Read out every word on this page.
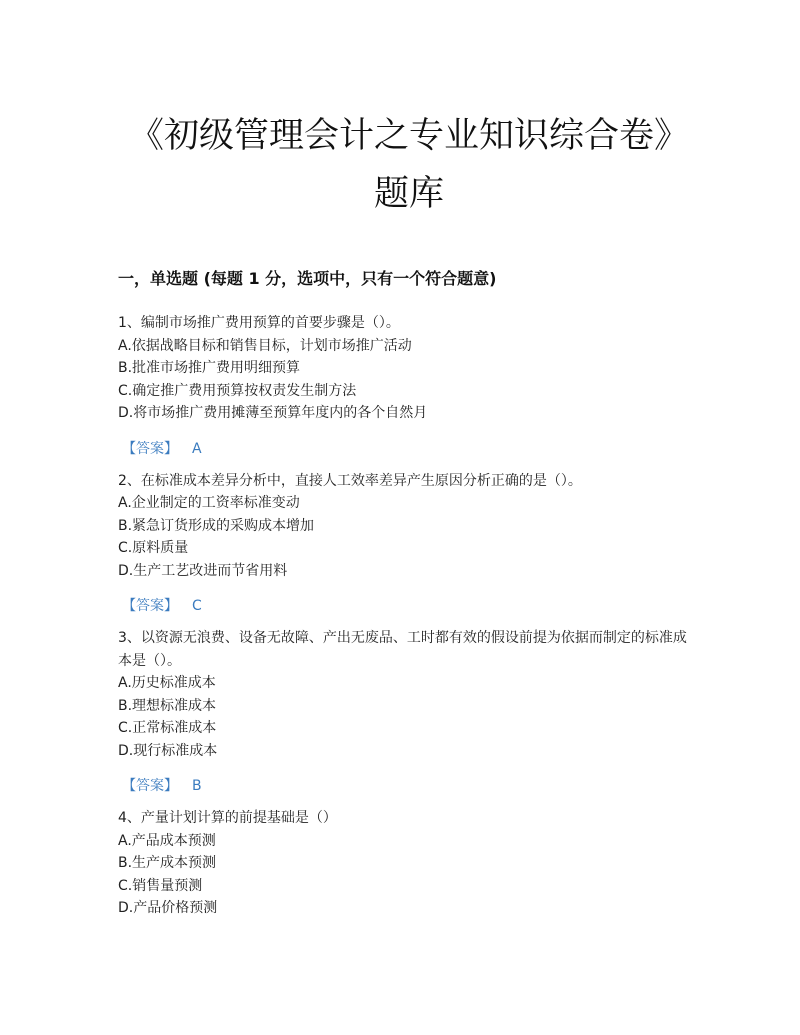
《初级管理会计之专业知识综合卷》
题库
一，单选题 (每题 1 分，选项中，只有一个符合题意)

1、编制市场推广费用预算的首要步骤是（）。

A.依据战略目标和销售目标，计划市场推广活动
B.批准市场推广费用明细预算
C.确定推广费用预算按权责发生制方法
D.将市场推广费用摊薄至预算年度内的各个自然月
【答案】 A

2、在标准成本差异分析中，直接人工效率差异产生原因分析正确的是（）。

A.企业制定的工资率标准变动
B.紧急订货形成的采购成本增加
C.原料质量
D.生产工艺改进而节省用料
【答案】 C

3、以资源无浪费、设备无故障、产出无废品、工时都有效的假设前提为依据而制定的标准成本是（）。

A.历史标准成本
B.理想标准成本
C.正常标准成本
D.现行标准成本
【答案】 B

4、产量计划计算的前提基础是（）

A.产品成本预测
B.生产成本预测
C.销售量预测
D.产品价格预测
